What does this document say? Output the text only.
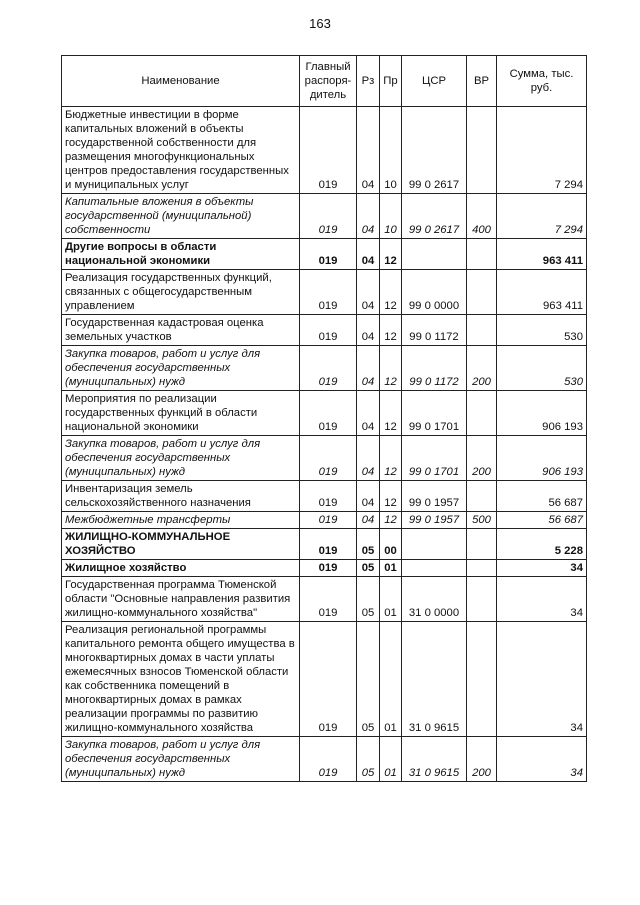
163
Наименование	Главный распоря- дитель	Рз	Пр	ЦСР	ВР	Сумма, тыс. руб.
Бюджетные инвестиции в форме капитальных вложений в объекты государственной собственности для размещения многофункциональных центров предоставления государственных и муниципальных услуг	019	04	10	99 0 2617		7 294
Капитальные вложения в объекты государственной (муниципальной) собственности	019	04	10	99 0 2617	400	7 294
Другие вопросы в области национальной экономики	019	04	12			963 411
Реализация государственных функций, связанных с общегосударственным управлением	019	04	12	99 0 0000		963 411
Государственная кадастровая оценка земельных участков	019	04	12	99 0 1172		530
Закупка товаров, работ и услуг для обеспечения государственных (муниципальных) нужд	019	04	12	99 0 1172	200	530
Мероприятия по реализации государственных функций в области национальной экономики	019	04	12	99 0 1701		906 193
Закупка товаров, работ и услуг для обеспечения государственных (муниципальных) нужд	019	04	12	99 0 1701	200	906 193
Инвентаризация земель сельскохозяйственного назначения	019	04	12	99 0 1957		56 687
Межбюджетные трансферты	019	04	12	99 0 1957	500	56 687
ЖИЛИЩНО-КОММУНАЛЬНОЕ ХОЗЯЙСТВО	019	05	00			5 228
Жилищное хозяйство	019	05	01			34
Государственная программа Тюменской области "Основные направления развития жилищно-коммунального хозяйства"	019	05	01	31 0 0000		34
Реализация региональной программы капитального ремонта общего имущества в многоквартирных домах в части уплаты ежемесячных взносов Тюменской области как собственника помещений в многоквартирных домах в рамках реализации программы по развитию жилищно-коммунального хозяйства	019	05	01	31 0 9615		34
Закупка товаров, работ и услуг для обеспечения государственных (муниципальных) нужд	019	05	01	31 0 9615	200	34
